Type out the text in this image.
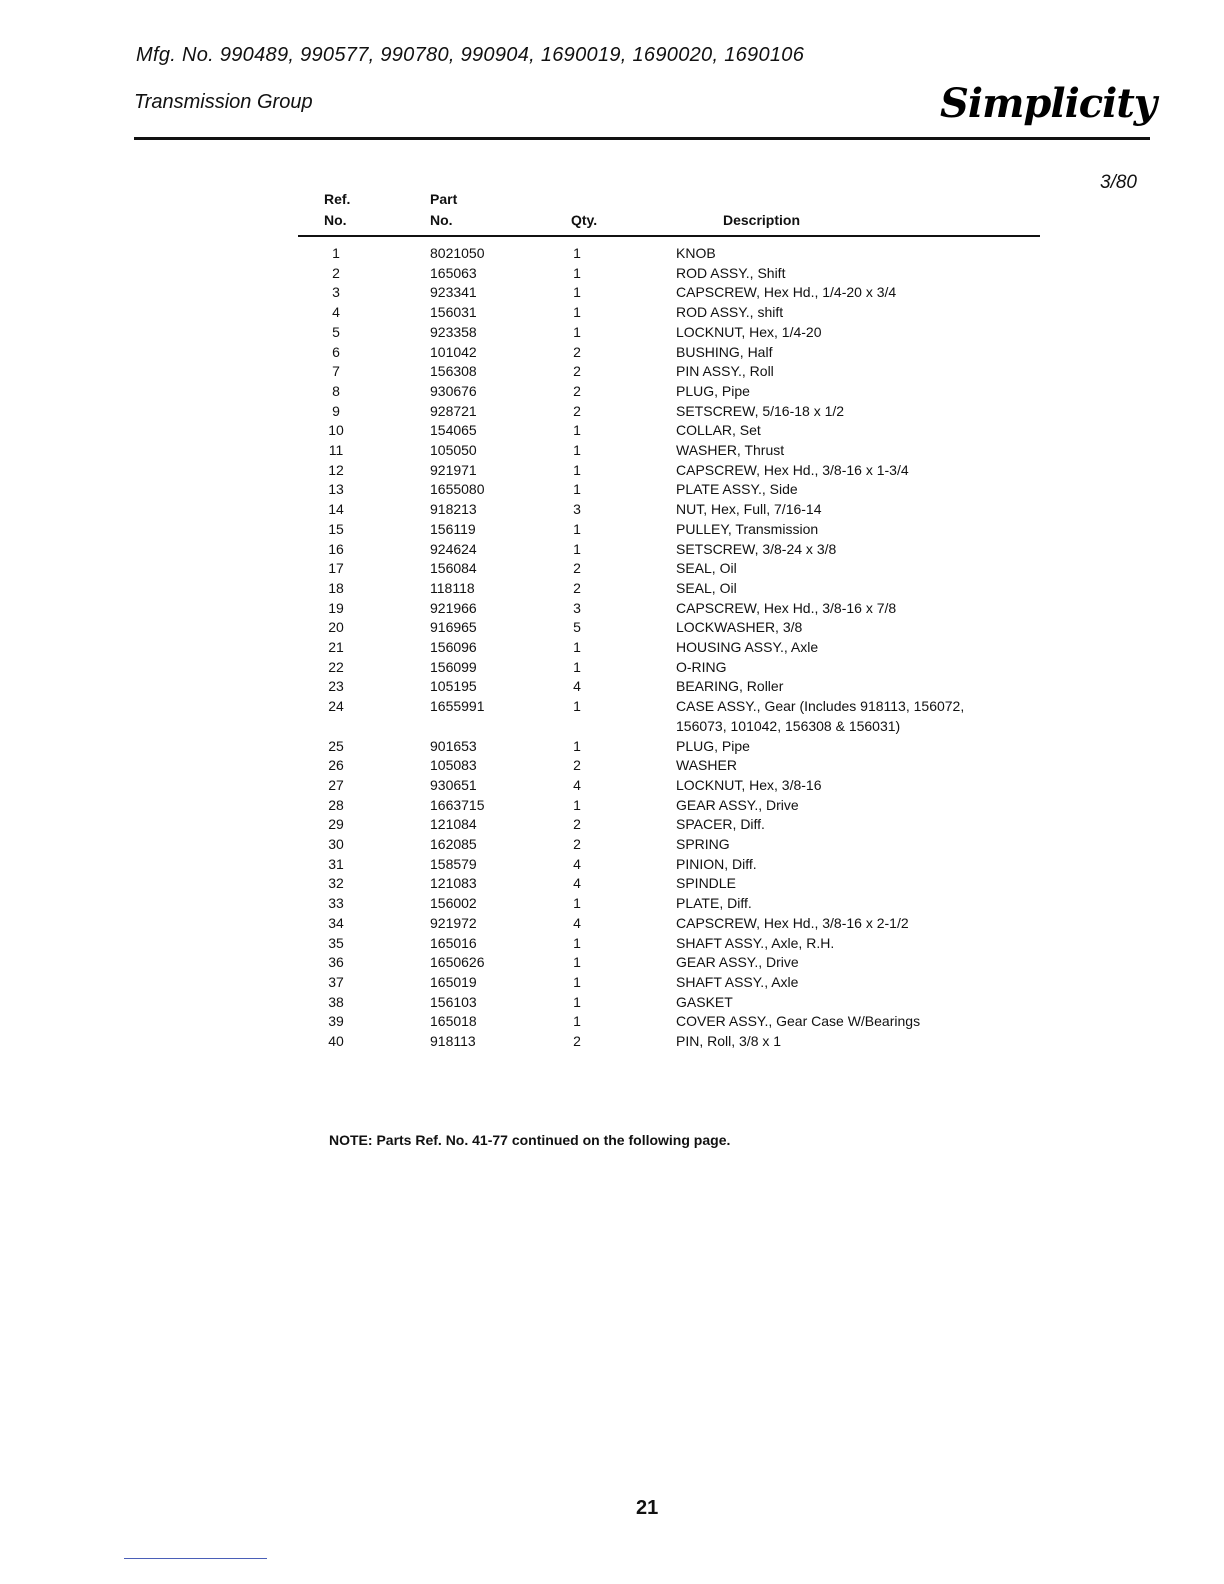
Mfg. No. 990489, 990577, 990780, 990904, 1690019, 1690020, 1690106
Transmission Group	Simplicity
3/80
Ref.
No.
Part
No.	Qty.	Description
1	8021050	1	KNOB
2	165063	1	ROD ASSY., Shift
3	923341	1	CAPSCREW, Hex Hd., 1/4-20 x 3/4
4	156031	1	ROD ASSY., shift
5	923358	1	LOCKNUT, Hex, 1/4-20
6	101042	2	BUSHING, Half
7	156308	2	PIN ASSY., Roll
8	930676	2	PLUG, Pipe
9	928721	2	SETSCREW, 5/16-18 x 1/2
10	154065	1	COLLAR, Set
11	105050	1	WASHER, Thrust
12	921971	1	CAPSCREW, Hex Hd., 3/8-16 x 1-3/4
13	1655080	1	PLATE ASSY., Side
14	918213	3	NUT, Hex, Full, 7/16-14
15	156119	1	PULLEY, Transmission
16	924624	1	SETSCREW, 3/8-24 x 3/8
17	156084	2	SEAL, Oil
18	118118	2	SEAL, Oil
19	921966	3	CAPSCREW, Hex Hd., 3/8-16 x 7/8
20	916965	5	LOCKWASHER, 3/8
21	156096	1	HOUSING ASSY., Axle
22	156099	1	O-RING
23	105195	4	BEARING, Roller
24	1655991	1	CASE ASSY., Gear (Includes 918113, 156072,
156073, 101042, 156308 & 156031)
25	901653	1	PLUG, Pipe
26	105083	2	WASHER
27	930651	4	LOCKNUT, Hex, 3/8-16
28	1663715	1	GEAR ASSY., Drive
29	121084	2	SPACER, Diff.
30	162085	2	SPRING
31	158579	4	PINION, Diff.
32	121083	4	SPINDLE
33	156002	1	PLATE, Diff.
34	921972	4	CAPSCREW, Hex Hd., 3/8-16 x 2-1/2
35	165016	1	SHAFT ASSY., Axle, R.H.
36	1650626	1	GEAR ASSY., Drive
37	165019	1	SHAFT ASSY., Axle
38	156103	1	GASKET
39	165018	1	COVER ASSY., Gear Case W/Bearings
40	918113	2	PIN, Roll, 3/8 x 1
NOTE: Parts Ref. No. 41-77 continued on the following page.
21
